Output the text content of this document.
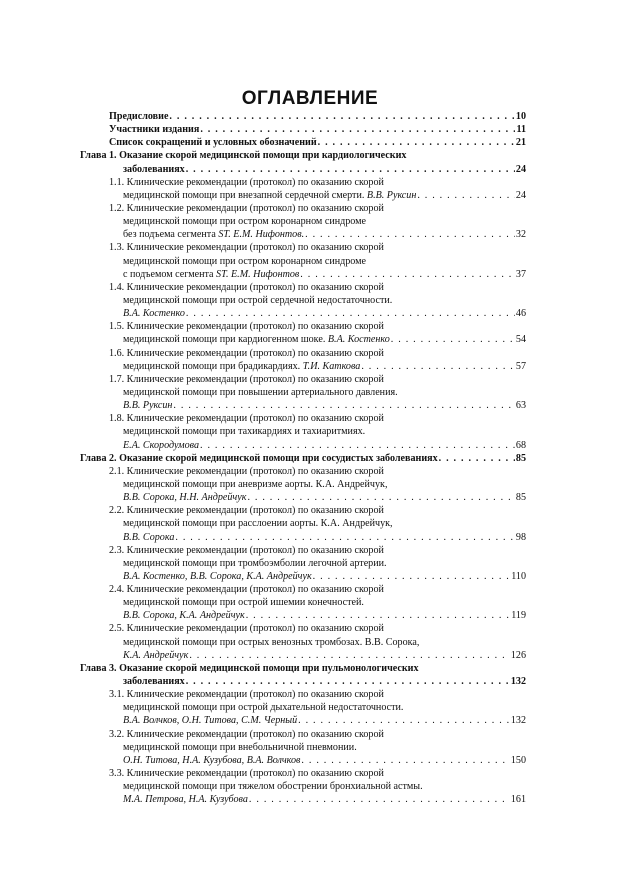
ОГЛАВЛЕНИЕ
Предисловие . . .	10
Участники издания . . .	11
Список сокращений и условных обозначений . . .	21
Глава 1. Оказание скорой медицинской помощи при кардиологических
заболеваниях . . .	24
1.1. Клинические рекомендации (протокол) по оказанию скорой
медицинской помощи при внезапной сердечной смерти. В.В. Руксин . . .	24
1.2. Клинические рекомендации (протокол) по оказанию скорой
медицинской помощи при остром коронарном синдроме
без подъема сегмента ST. Е.М. Нифонтов. . . .	32
1.3. Клинические рекомендации (протокол) по оказанию скорой
медицинской помощи при остром коронарном синдроме
с подъемом сегмента ST. Е.М. Нифонтов . . .	37
1.4. Клинические рекомендации (протокол) по оказанию скорой
медицинской помощи при острой сердечной недостаточности.
В.А. Костенко . . .	46
1.5. Клинические рекомендации (протокол) по оказанию скорой
медицинской помощи при кардиогенном шоке. В.А. Костенко . . .	54
1.6. Клинические рекомендации (протокол) по оказанию скорой
медицинской помощи при брадикардиях. Т.И. Каткова . . .	57
1.7. Клинические рекомендации (протокол) по оказанию скорой
медицинской помощи при повышении артериального давления.
В.В. Руксин . . .	63
1.8. Клинические рекомендации (протокол) по оказанию скорой
медицинской помощи при тахикардиях и тахиаритмиях.
Е.А. Скородумова . . .	68
Глава 2. Оказание скорой медицинской помощи при сосудистых заболеваниях . . .	85
2.1. Клинические рекомендации (протокол) по оказанию скорой
медицинской помощи при аневризме аорты. К.А. Андрейчук,
В.В. Сорока, Н.Н. Андрейчук . . .	85
2.2. Клинические рекомендации (протокол) по оказанию скорой
медицинской помощи при расслоении аорты. К.А. Андрейчук,
В.В. Сорока . . .	98
2.3. Клинические рекомендации (протокол) по оказанию скорой
медицинской помощи при тромбоэмболии легочной артерии.
В.А. Костенко, В.В. Сорока, К.А. Андрейчук . . .	110
2.4. Клинические рекомендации (протокол) по оказанию скорой
медицинской помощи при острой ишемии конечностей.
В.В. Сорока, К.А. Андрейчук . . .	119
2.5. Клинические рекомендации (протокол) по оказанию скорой
медицинской помощи при острых венозных тромбозах. В.В. Сорока,
К.А. Андрейчук . . .	126
Глава 3. Оказание скорой медицинской помощи при пульмонологических
заболеваниях . . .	132
3.1. Клинические рекомендации (протокол) по оказанию скорой
медицинской помощи при острой дыхательной недостаточности.
В.А. Волчков, О.Н. Титова, С.М. Черный . . .	132
3.2. Клинические рекомендации (протокол) по оказанию скорой
медицинской помощи при внебольничной пневмонии.
О.Н. Титова, Н.А. Кузубова, В.А. Волчков . . .	150
3.3. Клинические рекомендации (протокол) по оказанию скорой
медицинской помощи при тяжелом обострении бронхиальной астмы.
М.А. Петрова, Н.А. Кузубова . . .	161
